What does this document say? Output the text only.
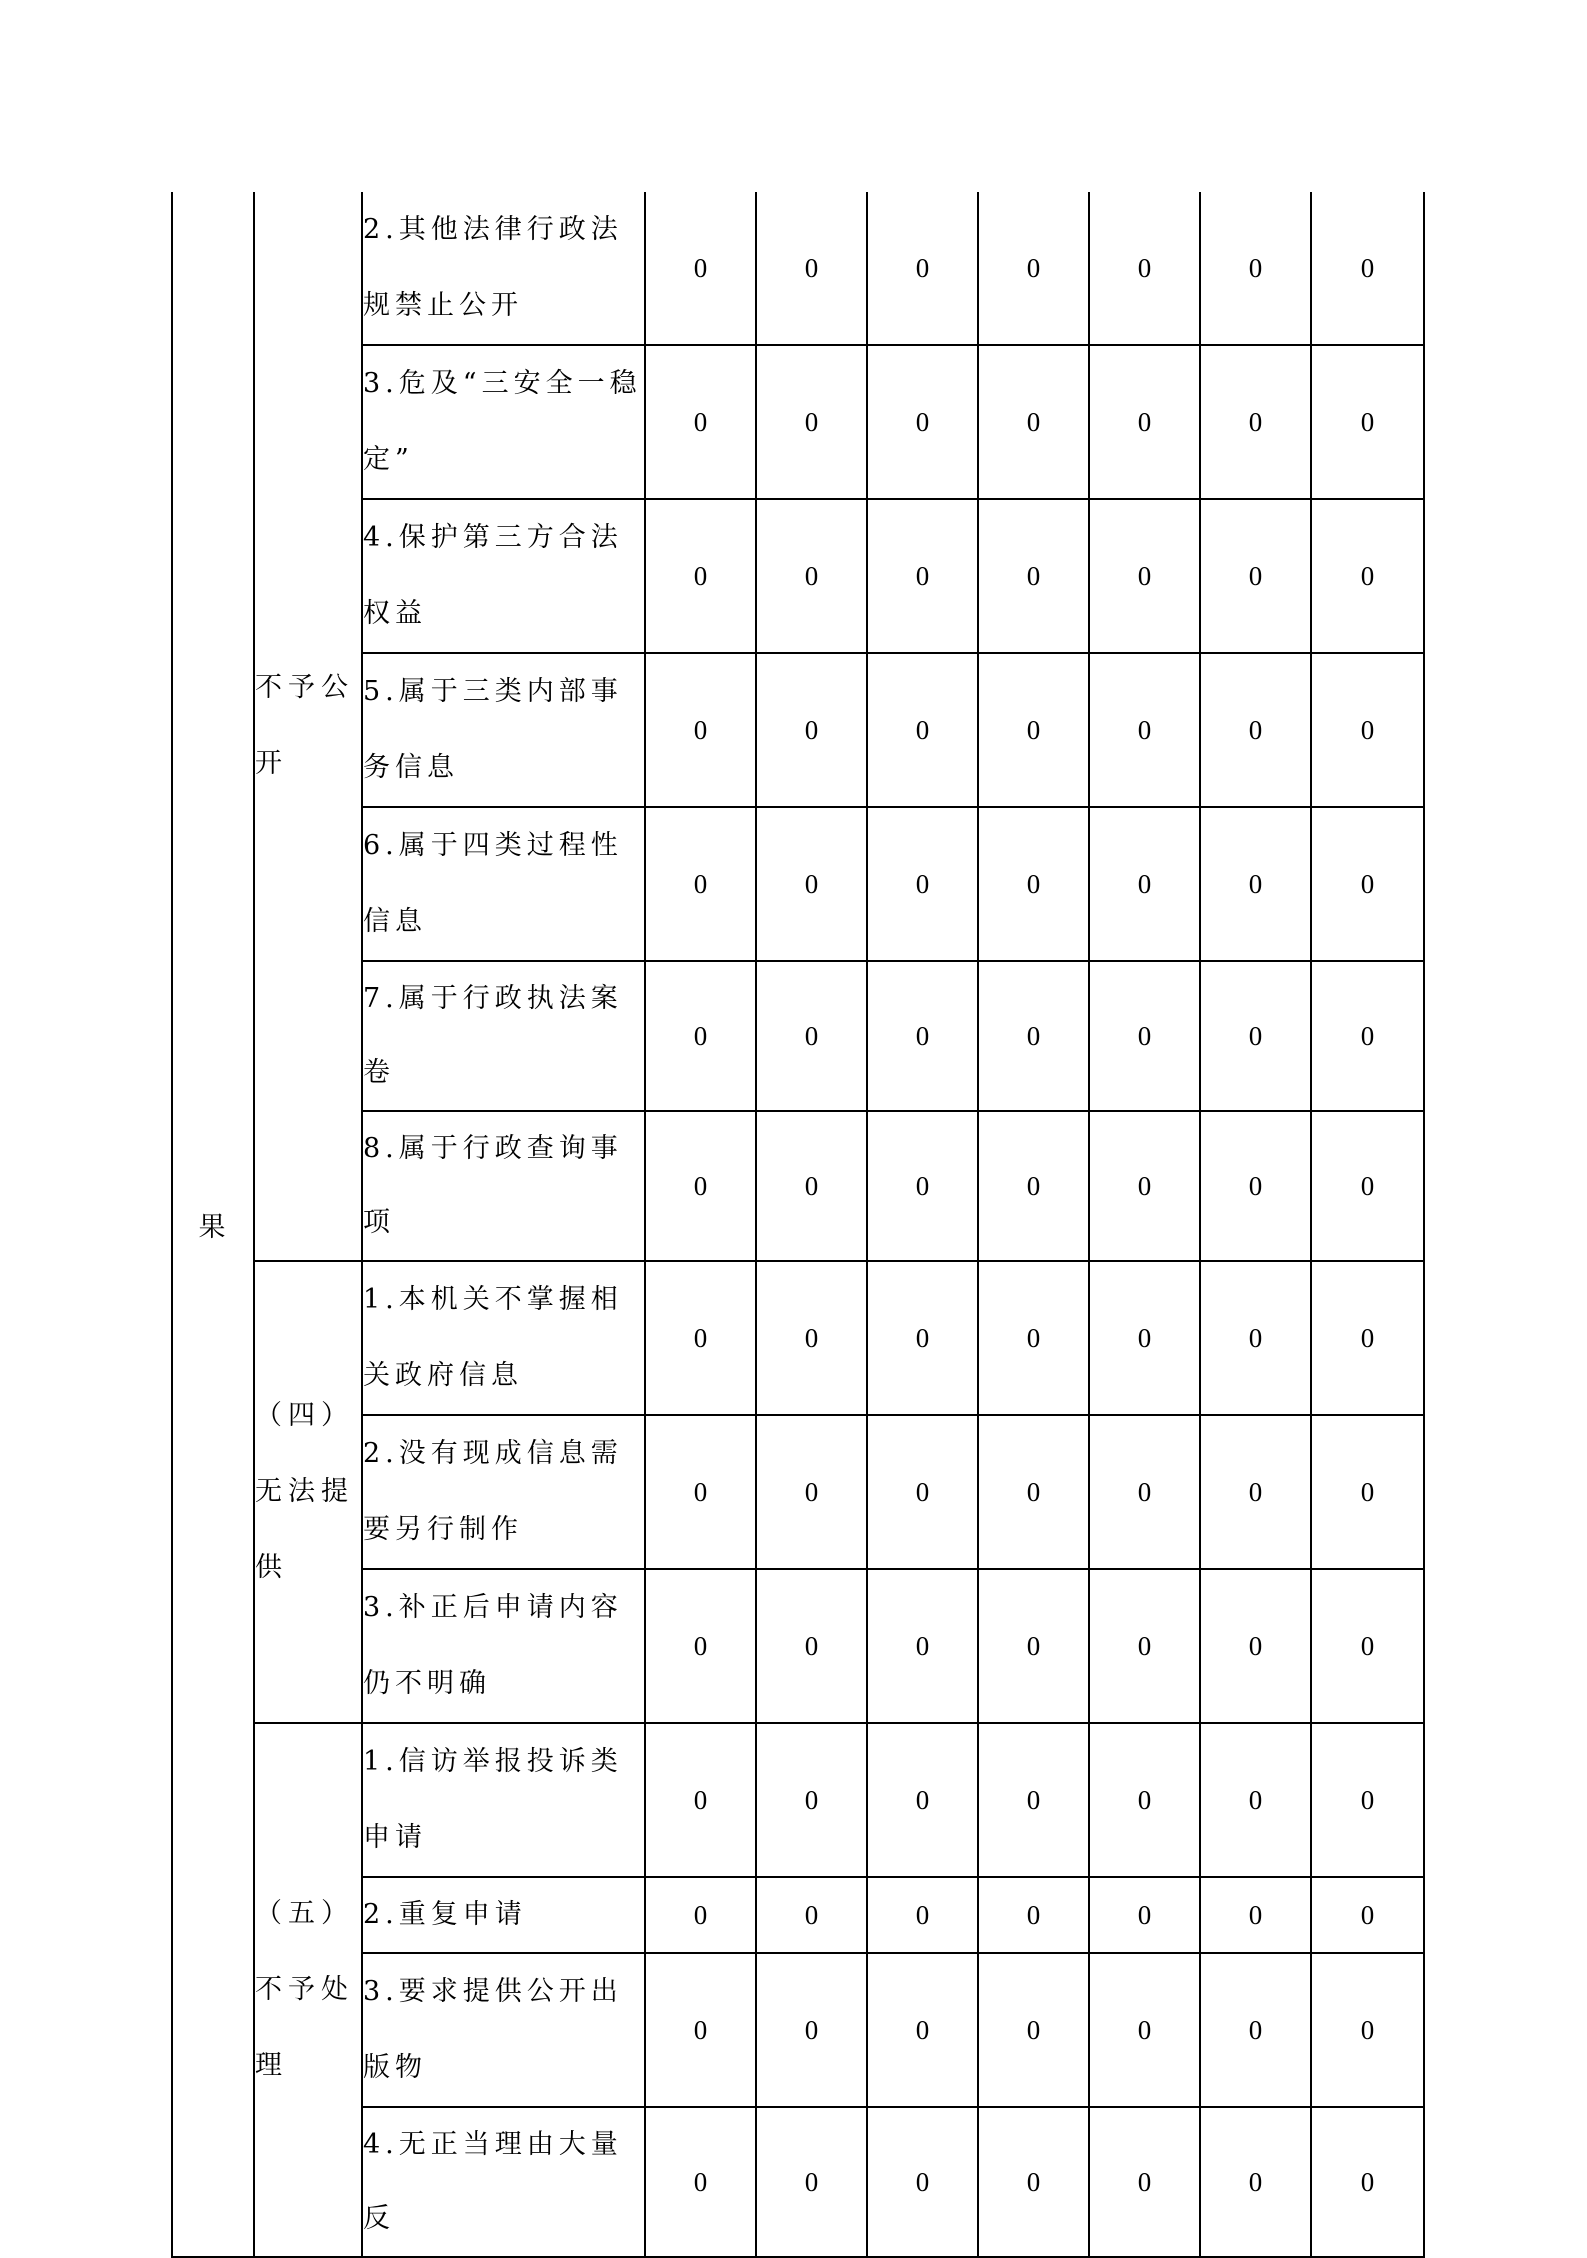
果	不予公开	2.其他法律行政法规禁止公开	0	0	0	0	0	0	0
		3.危及“三安全一稳定”	0	0	0	0	0	0	0
		4.保护第三方合法权益	0	0	0	0	0	0	0
		5.属于三类内部事务信息	0	0	0	0	0	0	0
		6.属于四类过程性信息	0	0	0	0	0	0	0
		7.属于行政执法案卷	0	0	0	0	0	0	0
		8.属于行政查询事项	0	0	0	0	0	0	0
	（四）无法提供	1.本机关不掌握相关政府信息	0	0	0	0	0	0	0
		2.没有现成信息需要另行制作	0	0	0	0	0	0	0
		3.补正后申请内容仍不明确	0	0	0	0	0	0	0
	（五）不予处理	1.信访举报投诉类申请	0	0	0	0	0	0	0
		2.重复申请	0	0	0	0	0	0	0
		3.要求提供公开出版物	0	0	0	0	0	0	0
		4.无正当理由大量反	0	0	0	0	0	0	0
